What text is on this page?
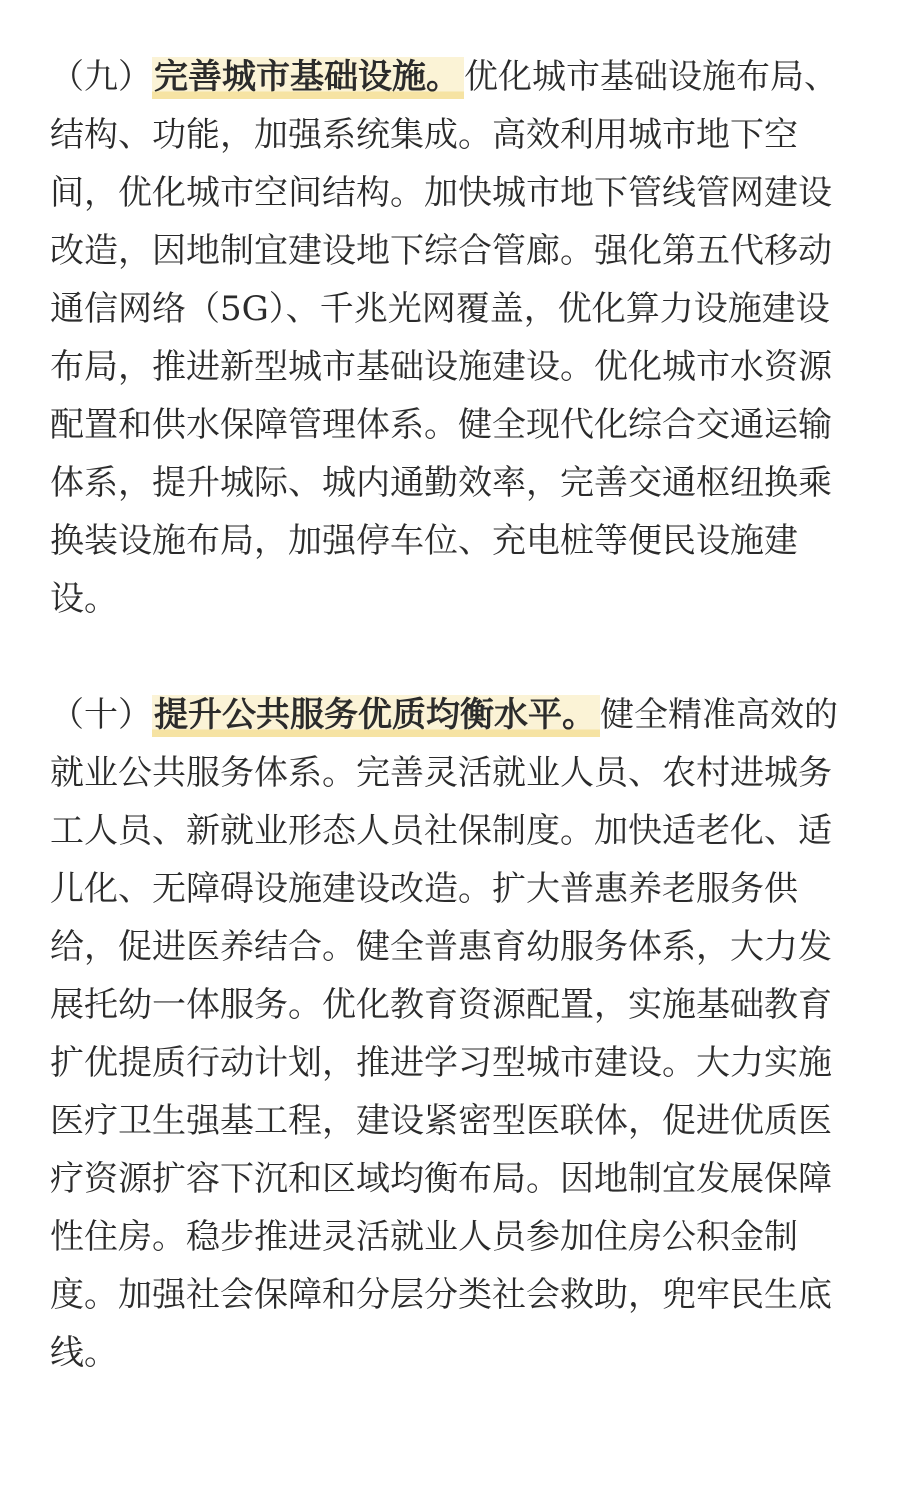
（九）完善城市基础设施。 优化城市基础设施布局、结构、功能，加强系统集成。高效利用城市地下空间，优化城市空间结构。加快城市地下管线管网建设改造，因地制宜建设地下综合管廊。强化第五代移动通信网络（5G）、千兆光网覆盖，优化算力设施建设布局，推进新型城市基础设施建设。优化城市水资源配置和供水保障管理体系。健全现代化综合交通运输体系，提升城际、城内通勤效率，完善交通枢纽换乘换装设施布局，加强停车位、充电桩等便民设施建设。

（十）提升公共服务优质均衡水平。 健全精准高效的就业公共服务体系。完善灵活就业人员、农村进城务工人员、新就业形态人员社保制度。加快适老化、适儿化、无障碍设施建设改造。扩大普惠养老服务供给，促进医养结合。健全普惠育幼服务体系，大力发展托幼一体服务。优化教育资源配置，实施基础教育扩优提质行动计划，推进学习型城市建设。大力实施医疗卫生强基工程，建设紧密型医联体，促进优质医疗资源扩容下沉和区域均衡布局。因地制宜发展保障性住房。稳步推进灵活就业人员参加住房公积金制度。加强社会保障和分层分类社会救助，兜牢民生底线。
